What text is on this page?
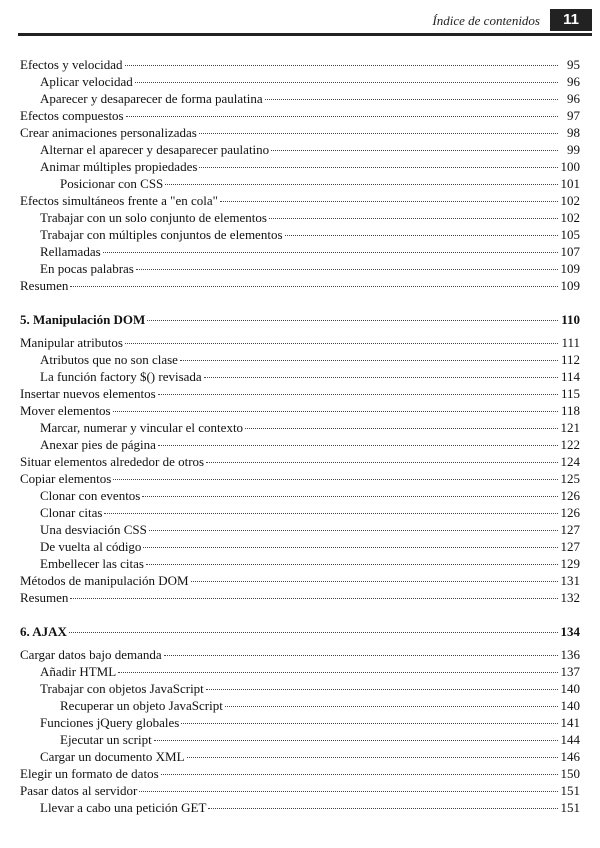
Índice de contenidos	11
Efectos y velocidad	95
Aplicar velocidad	96
Aparecer y desaparecer de forma paulatina	96
Efectos compuestos	97
Crear animaciones personalizadas	98
Alternar el aparecer y desaparecer paulatino	99
Animar múltiples propiedades	100
Posicionar con CSS	101
Efectos simultáneos frente a "en cola"	102
Trabajar con un solo conjunto de elementos	102
Trabajar con múltiples conjuntos de elementos	105
Rellamadas	107
En pocas palabras	109
Resumen	109
5. Manipulación DOM	110
Manipular atributos	111
Atributos que no son clase	112
La función factory $() revisada	114
Insertar nuevos elementos	115
Mover elementos	118
Marcar, numerar y vincular el contexto	121
Anexar pies de página	122
Situar elementos alrededor de otros	124
Copiar elementos	125
Clonar con eventos	126
Clonar citas	126
Una desviación CSS	127
De vuelta al código	127
Embellecer las citas	129
Métodos de manipulación DOM	131
Resumen	132
6. AJAX	134
Cargar datos bajo demanda	136
Añadir HTML	137
Trabajar con objetos JavaScript	140
Recuperar un objeto JavaScript	140
Funciones jQuery globales	141
Ejecutar un script	144
Cargar un documento XML	146
Elegir un formato de datos	150
Pasar datos al servidor	151
Llevar a cabo una petición GET	151
